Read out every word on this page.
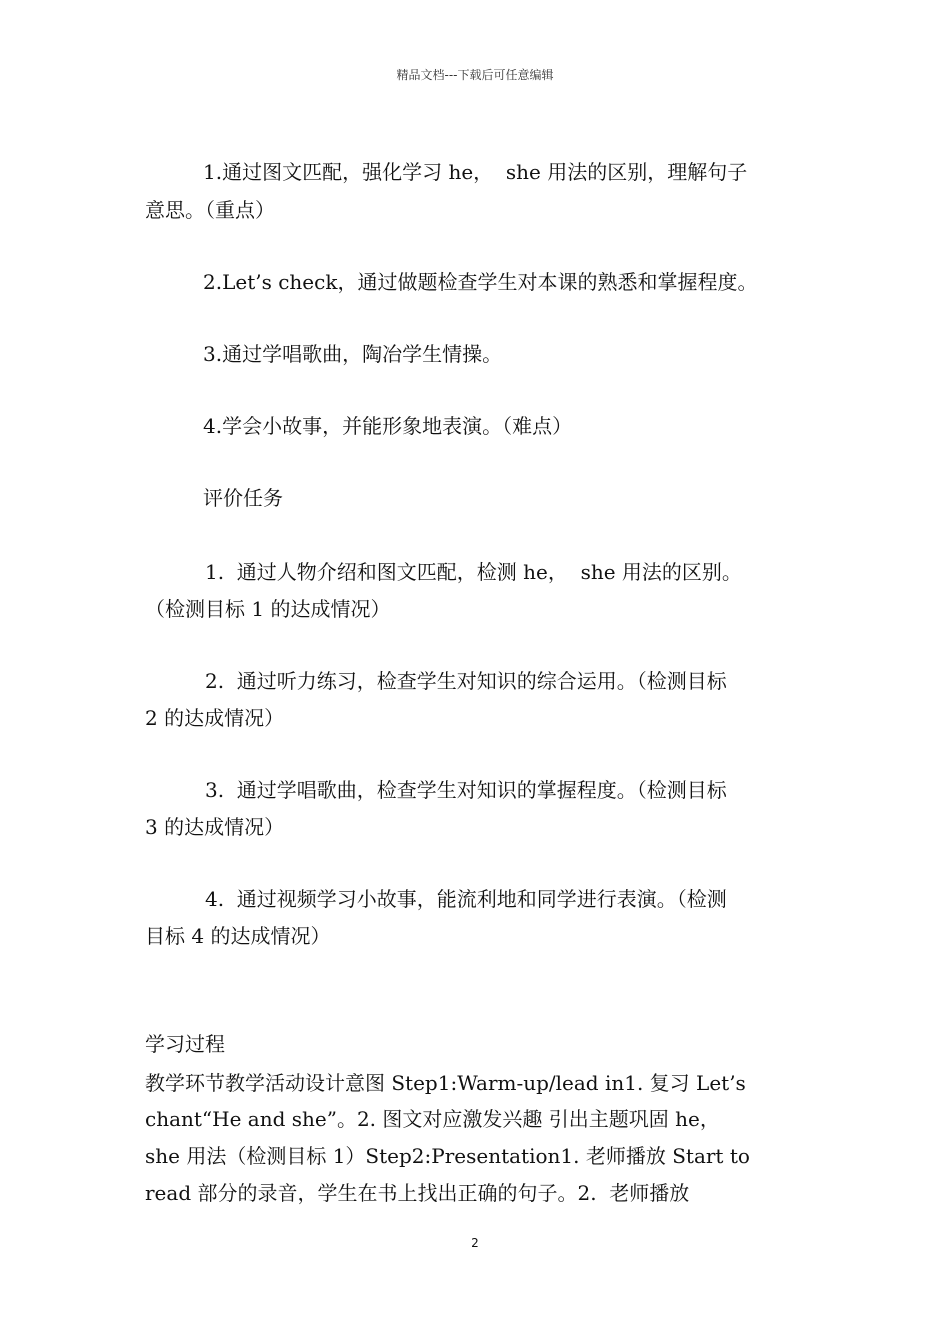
精品文档---下载后可任意编辑
1.通过图文匹配，强化学习 he，  she 用法的区别，理解句子
意思。（重点）
2.Let’s check，通过做题检查学生对本课的熟悉和掌握程度。
3.通过学唱歌曲，陶冶学生情操。
4.学会小故事，并能形象地表演。（难点）
评价任务
1.  通过人物介绍和图文匹配，检测 he，  she 用法的区别。
（检测目标 1 的达成情况）
2.  通过听力练习，检查学生对知识的综合运用。（检测目标
2 的达成情况）
3.  通过学唱歌曲，检查学生对知识的掌握程度。（检测目标
3 的达成情况）
4.  通过视频学习小故事，能流利地和同学进行表演。（检测
目标 4 的达成情况）
学习过程
教学环节教学活动设计意图 Step1:Warm-up/lead in1. 复习 Let’s
chant“He and she”。2. 图文对应激发兴趣 引出主题巩固 he，
she 用法（检测目标 1）Step2:Presentation1. 老师播放 Start to
read 部分的录音，学生在书上找出正确的句子。2.  老师播放
2
